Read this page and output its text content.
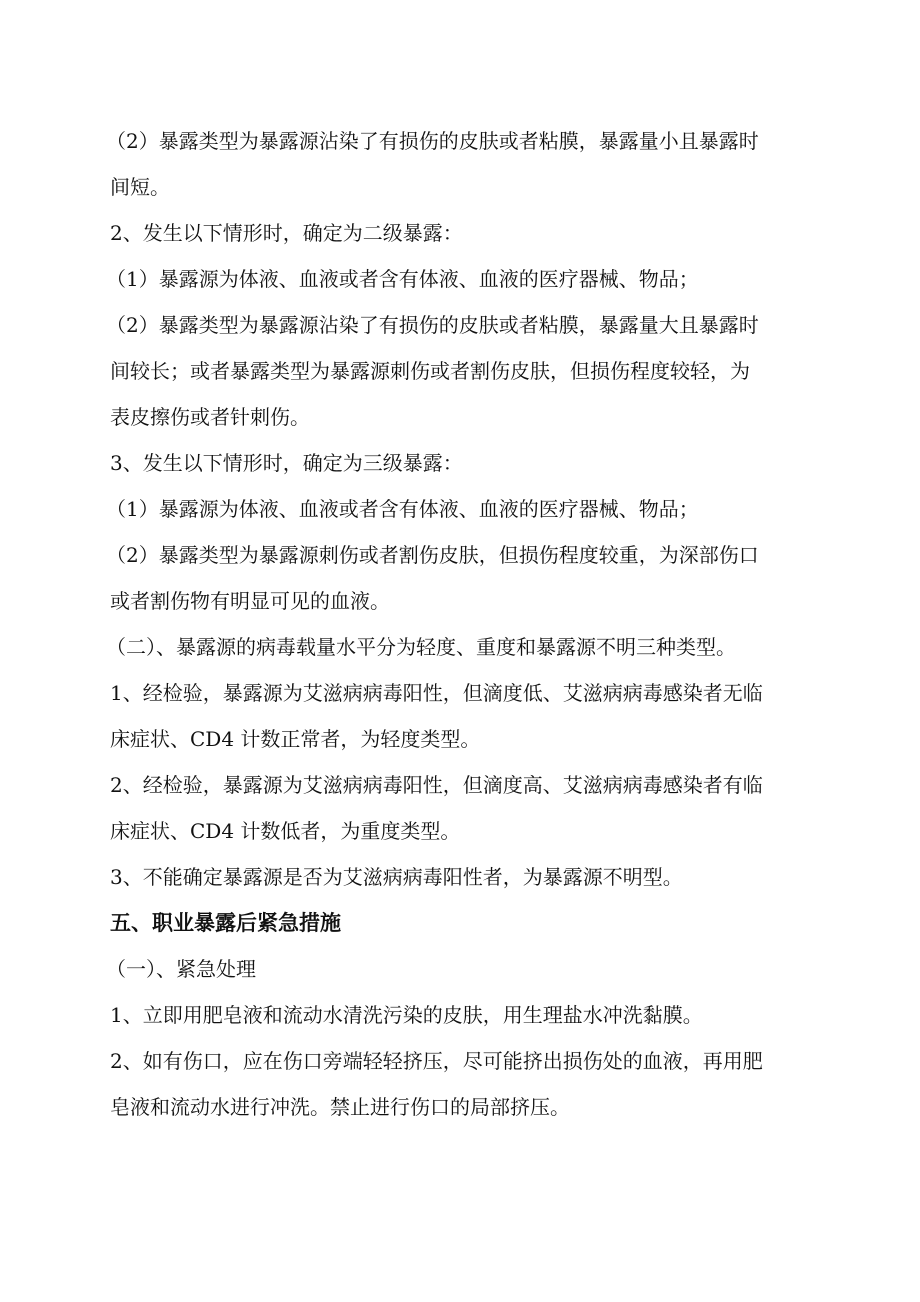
（2）暴露类型为暴露源沾染了有损伤的皮肤或者粘膜，暴露量小且暴露时

间短。

2、发生以下情形时，确定为二级暴露：

（1）暴露源为体液、血液或者含有体液、血液的医疗器械、物品；

（2）暴露类型为暴露源沾染了有损伤的皮肤或者粘膜，暴露量大且暴露时

间较长；或者暴露类型为暴露源刺伤或者割伤皮肤，但损伤程度较轻，为

表皮擦伤或者针刺伤。

3、发生以下情形时，确定为三级暴露：

（1）暴露源为体液、血液或者含有体液、血液的医疗器械、物品；

（2）暴露类型为暴露源刺伤或者割伤皮肤，但损伤程度较重，为深部伤口

或者割伤物有明显可见的血液。

（二）、暴露源的病毒载量水平分为轻度、重度和暴露源不明三种类型。

1、经检验，暴露源为艾滋病病毒阳性，但滴度低、艾滋病病毒感染者无临

床症状、CD4 计数正常者，为轻度类型。

2、经检验，暴露源为艾滋病病毒阳性，但滴度高、艾滋病病毒感染者有临

床症状、CD4 计数低者，为重度类型。

3、不能确定暴露源是否为艾滋病病毒阳性者，为暴露源不明型。

五、职业暴露后紧急措施

（一）、紧急处理

1、立即用肥皂液和流动水清洗污染的皮肤，用生理盐水冲洗黏膜。

2、如有伤口，应在伤口旁端轻轻挤压，尽可能挤出损伤处的血液，再用肥

皂液和流动水进行冲洗。禁止进行伤口的局部挤压。
